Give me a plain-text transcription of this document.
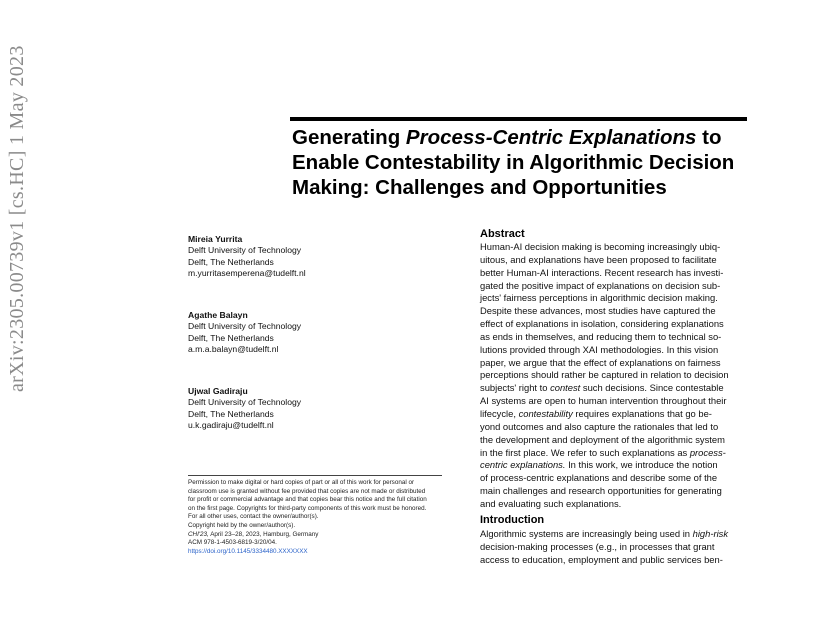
arXiv:2305.00739v1 [cs.HC] 1 May 2023	Generating Process-Centric Explanations to
Enable Contestability in Algorithmic Decision
Making: Challenges and Opportunities
Mireia Yurrita
Delft University of Technology
Delft, The Netherlands
m.yurritasemperena@tudelft.nl
Agathe Balayn
Delft University of Technology
Delft, The Netherlands
a.m.a.balayn@tudelft.nl
Ujwal Gadiraju
Delft University of Technology
Delft, The Netherlands
u.k.gadiraju@tudelft.nl
Permission to make digital or hard copies of part or all of this work for personal or
classroom use is granted without fee provided that copies are not made or distributed
for profit or commercial advantage and that copies bear this notice and the full citation
on the first page. Copyrights for third-party components of this work must be honored.
For all other uses, contact the owner/author(s).
Copyright held by the owner/author(s).
CHI'23, April 23–28, 2023, Hamburg, Germany
ACM 978-1-4503-6819-3/20/04.
https://doi.org/10.1145/3334480.XXXXXXX
Abstract
Human-AI decision making is becoming increasingly ubiq-
uitous, and explanations have been proposed to facilitate
better Human-AI interactions. Recent research has investi-
gated the positive impact of explanations on decision sub-
jects' fairness perceptions in algorithmic decision making.
Despite these advances, most studies have captured the
effect of explanations in isolation, considering explanations
as ends in themselves, and reducing them to technical so-
lutions provided through XAI methodologies. In this vision
paper, we argue that the effect of explanations on fairness
perceptions should rather be captured in relation to decision
subjects' right to contest such decisions. Since contestable
AI systems are open to human intervention throughout their
lifecycle, contestability requires explanations that go be-
yond outcomes and also capture the rationales that led to
the development and deployment of the algorithmic system
in the first place. We refer to such explanations as process-
centric explanations. In this work, we introduce the notion
of process-centric explanations and describe some of the
main challenges and research opportunities for generating
and evaluating such explanations.
Introduction
Algorithmic systems are increasingly being used in high-risk
decision-making processes (e.g., in processes that grant
access to education, employment and public services ben-
